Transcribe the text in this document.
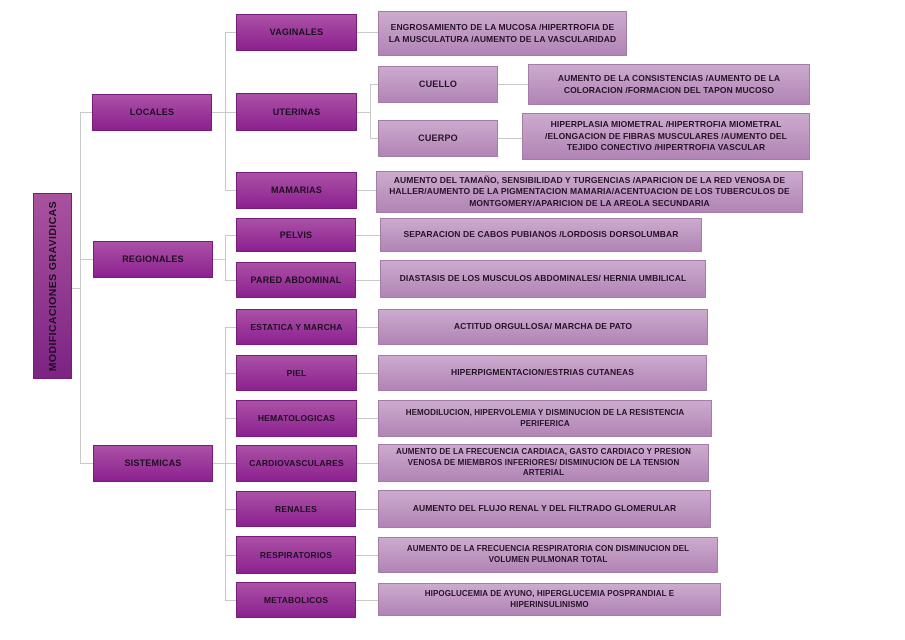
MODIFICACIONES GRAVIDICAS
LOCALES
REGIONALES
SISTEMICAS
VAGINALES
ENGROSAMIENTO DE LA MUCOSA /HIPERTROFIA DE LA MUSCULATURA /AUMENTO DE LA VASCULARIDAD
UTERINAS
CUELLO
AUMENTO DE LA CONSISTENCIAS /AUMENTO DE LA COLORACION /FORMACION DEL TAPON MUCOSO
CUERPO
HIPERPLASIA MIOMETRAL /HIPERTROFIA MIOMETRAL /ELONGACION DE FIBRAS MUSCULARES /AUMENTO DEL TEJIDO CONECTIVO /HIPERTROFIA VASCULAR
MAMARIAS
AUMENTO DEL TAMAÑO, SENSIBILIDAD Y TURGENCIAS /APARICION DE LA RED VENOSA DE HALLER/AUMENTO DE LA PIGMENTACION MAMARIA/ACENTUACION DE LOS TUBERCULOS DE MONTGOMERY/APARICION DE LA AREOLA SECUNDARIA
PELVIS	SEPARACION DE CABOS PUBIANOS /LORDOSIS DORSOLUMBAR
PARED ABDOMINAL	DIASTASIS DE LOS MUSCULOS ABDOMINALES/ HERNIA UMBILICAL
ESTATICA Y MARCHA	ACTITUD ORGULLOSA/ MARCHA DE PATO
PIEL	HIPERPIGMENTACION/ESTRIAS CUTANEAS
HEMATOLOGICAS
HEMODILUCION, HIPERVOLEMIA Y DISMINUCION DE LA RESISTENCIA PERIFERICA
CARDIOVASCULARES
AUMENTO DE LA FRECUENCIA CARDIACA, GASTO CARDIACO Y PRESION VENOSA DE MIEMBROS INFERIORES/ DISMINUCION DE LA TENSION ARTERIAL
RENALES	AUMENTO DEL FLUJO RENAL Y DEL FILTRADO GLOMERULAR
RESPIRATORIOS
AUMENTO DE LA FRECUENCIA RESPIRATORIA CON DISMINUCION DEL VOLUMEN PULMONAR TOTAL
METABOLICOS
HIPOGLUCEMIA DE AYUNO, HIPERGLUCEMIA POSPRANDIAL E HIPERINSULINISMO
